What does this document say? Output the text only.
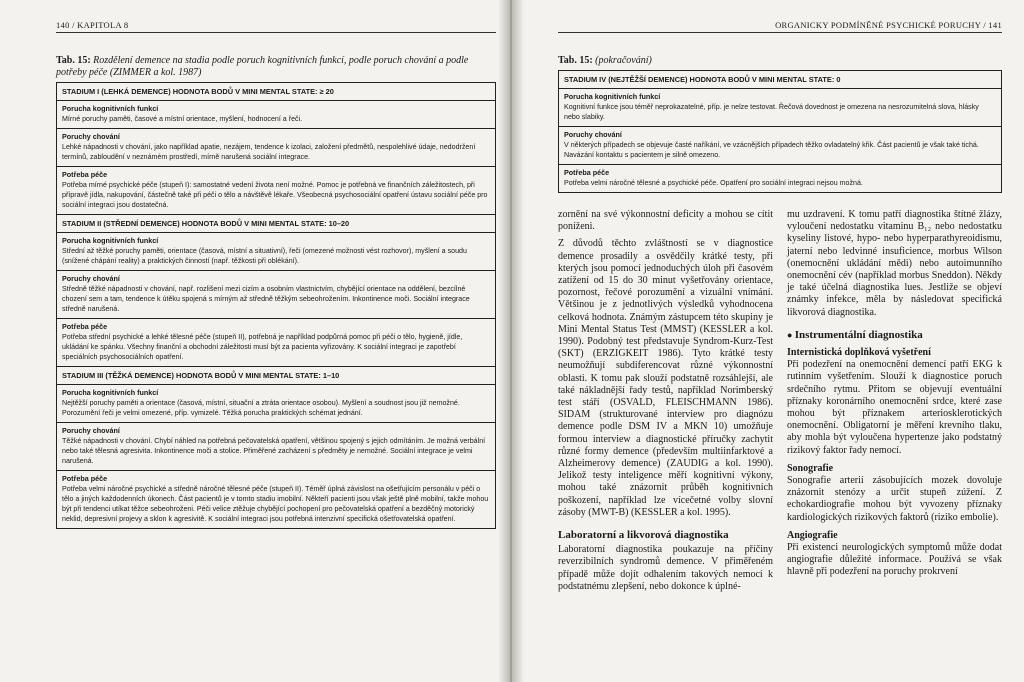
140 / KAPITOLA 8
Tab. 15: Rozdělení demence na stadia podle poruch kognitivních funkcí, podle poruch chování a podle potřeby péče (ZIMMER a kol. 1987)
STADIUM I (LEHKÁ DEMENCE) HODNOTA BODŮ V MINI MENTAL STATE: ≥ 20
Porucha kognitivních funkcí
Mírné poruchy paměti, časové a místní orientace, myšlení, hodnocení a řeči.
Poruchy chování
Lehké nápadnosti v chování, jako například apatie, nezájem, tendence k izolaci, založení předmětů, nespolehlivé údaje, nedodržení termínů, zabloudění v neznámém prostředí, mírně narušená sociální integrace.
Potřeba péče
Potřeba mírné psychické péče (stupeň I): samostatné vedení života není možné. Pomoc je potřebná ve finančních záležitostech, při přípravě jídla, nakupování, částečně také při péči o tělo a návštěvě lékaře. Všeobecná psychosociální opatření ústavu sociální péče pro sociální integraci jsou dostatečná.
STADIUM II (STŘEDNÍ DEMENCE) HODNOTA BODŮ V MINI MENTAL STATE: 10–20
Porucha kognitivních funkcí
Střední až těžké poruchy paměti, orientace (časová, místní a situativní), řeči (omezené možnosti vést rozhovor), myšlení a soudu (snížené chápání reality) a praktických činností (např. těžkosti při oblékání).
Poruchy chování
Středně těžké nápadnosti v chování, např. rozlišení mezi cizím a osobním vlastnictvím, chybějící orientace na oddělení, bezcílné chození sem a tam, tendence k útěku spojená s mírným až středně těžkým sebeohrožením. Inkontinence moči. Sociální integrace středně narušená.
Potřeba péče
Potřeba střední psychické a lehké tělesné péče (stupeň II), potřebná je například podpůrná pomoc při péči o tělo, hygieně, jídle, ukládání ke spánku. Všechny finanční a obchodní záležitosti musí být za pacienta vyřizovány. K sociální integraci je zapotřebí speciálních psychosociálních opatření.
STADIUM III (TĚŽKÁ DEMENCE) HODNOTA BODŮ V MINI MENTAL STATE: 1–10
Porucha kognitivních funkcí
Nejtěžší poruchy paměti a orientace (časová, místní, situační a ztráta orientace osobou). Myšlení a soudnost jsou již nemožné. Porozumění řeči je velmi omezené, příp. vymizelé. Těžká porucha praktických schémat jednání.
Poruchy chování
Těžké nápadnosti v chování. Chybí náhled na potřebná pečovatelská opatření, většinou spojený s jejich odmítáním. Je možná verbální nebo také tělesná agresivita. Inkontinence moči a stolice. Přiměřené zacházení s předměty je nemožné. Sociální integrace je velmi narušená.
Potřeba péče
Potřeba velmi náročné psychické a středně náročné tělesné péče (stupeň II). Téměř úplná závislost na ošetřujícím personálu v péči o tělo a jiných každodenních úkonech. Část pacientů je v tomto stadiu imobilní. Někteří pacienti jsou však ještě plně mobilní, takže mohou být při tendenci utíkat těžce sebeohroženi. Péči velice ztěžuje chybějící pochopení pro pečovatelská opatření a bezděčný motorický neklid, depresivní projevy a sklon k agresivitě. K sociální integraci jsou potřebná intenzivní specifická ošetřovatelská opatření.
ORGANICKY PODMÍNĚNÉ PSYCHICKÉ PORUCHY / 141
Tab. 15: (pokračování)
STADIUM IV (NEJTĚŽŠÍ DEMENCE) HODNOTA BODŮ V MINI MENTAL STATE: 0
Porucha kognitivních funkcí
Kognitivní funkce jsou téměř neprokazatelné, příp. je nelze testovat. Řečová dovednost je omezena na nesrozumitelná slova, hlásky nebo slabiky.
Poruchy chování
V některých případech se objevuje časté naříkání, ve vzácnějších případech těžko ovladatelný křik. Část pacientů je však také tichá. Navázání kontaktu s pacientem je silně omezeno.
Potřeba péče
Potřeba velmi náročné tělesné a psychické péče. Opatření pro sociální integraci nejsou možná.

zornění na své výkonnostní deficity a mohou se cítit poníženi.

Z důvodů těchto zvláštností se v diagnostice demence prosadily a osvědčily krátké testy, při kterých jsou pomocí jednoduchých úloh při časovém zatížení od 15 do 30 minut vyšetřovány orientace, pozornost, řečové porozumění a vizuální vnímání. Většinou je z jednotlivých výsledků vyhodnocena celková hodnota. Známým zástupcem této skupiny je Mini Mental Status Test (MMST) (KESSLER a kol. 1990). Podobný test představuje Syndrom-Kurz-Test (SKT) (ERZIGKEIT 1986). Tyto krátké testy neumožňují subdiferencovat různé výkonnostní oblasti. K tomu pak slouží podstatně rozsáhlejší, ale také nákladnější řady testů, například Norimberský test stáří (OSVALD, FLEISCHMANN 1986). SIDAM (strukturované interview pro diagnózu demence podle DSM IV a MKN 10) umožňuje formou interview a diagnostické příručky zachytit různé formy demence (především multiinfarktové a Alzheimerovy demence) (ZAUDIG a kol. 1990). Jelikož testy inteligence měří kognitivní výkony, mohou také znázornit průběh kognitivních poškození, například lze vícečetné volby slovní zásoby (MWT-B) (KESSLER a kol. 1995).

Laboratorní a likvorová diagnostika

Laboratorní diagnostika poukazuje na příčiny reverzibilních syndromů demence. V přiměřeném případě může dojít odhalením takových nemocí k podstatnému zlepšení, nebo dokonce k úplné-

mu uzdravení. K tomu patří diagnostika štítné žlázy, vyloučení nedostatku vitaminu B₁₂ nebo nedostatku kyseliny listové, hypo- nebo hyperparathyreoidismu, jaterní nebo ledvinné insuficience, morbus Wilson (onemocnění ukládání mědi) nebo autoimunního onemocnění cév (například morbus Sneddon). Někdy je také účelná diagnostika lues. Jestliže se objeví známky infekce, měla by následovat specifická likvorová diagnostika.

● Instrumentální diagnostika
Internistická doplňková vyšetření

Při podezření na onemocnění demencí patří EKG k rutinním vyšetřením. Slouží k diagnostice poruch srdečního rytmu. Přitom se objevují eventuální příznaky koronárního onemocnění srdce, které zase mohou být příznakem arteriosklerotických onemocnění. Obligatorní je měření krevního tlaku, aby mohla být vyloučena hypertenze jako podstatný rizikový faktor řady nemocí.

Sonografie

Sonografie arterií zásobujících mozek dovoluje znázornit stenózy a určit stupeň zúžení. Z echokardiografie mohou být vyvozeny příznaky kardiologických rizikových faktorů (riziko embolie).

Angiografie

Při existenci neurologických symptomů může dodat angiografie důležité informace. Používá se však hlavně při podezření na poruchy prokrvení
